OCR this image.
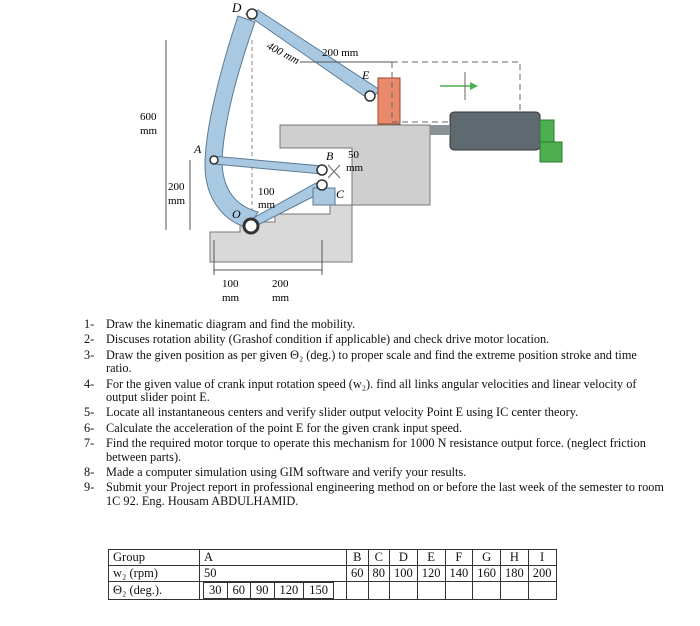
D
A	B
C
E
O
400 mm 200 mm
600
mm
200
mm
100
mm
50
mm
100
mm
200
mm
1- Draw the kinematic diagram and find the mobility.
2- Discuses rotation ability (Grashof condition if applicable) and check drive motor location.
3- Draw the given position as per given Θ₂ (deg.) to proper scale and find the extreme position stroke and time ratio.
4- For the given value of crank input rotation speed (w₂). find all links angular velocities and linear velocity of output slider point E.
5- Locate all instantaneous centers and verify slider output velocity Point E using IC center theory.
6- Calculate the acceleration of the point E for the given crank input speed.
7- Find the required motor torque to operate this mechanism for 1000 N resistance output force. (neglect friction between parts).
8- Made a computer simulation using GIM software and verify your results.
9- Submit your Project report in professional engineering method on or before the last week of the semester to room 1C 92. Eng. Housam ABDULHAMID.
Group	A	B	C	D	E	F	G	H	I
w₂ (rpm)	50	60	80	100	120	140	160	180	200
Θ₂ (deg.).	30 60 90 120 150								
